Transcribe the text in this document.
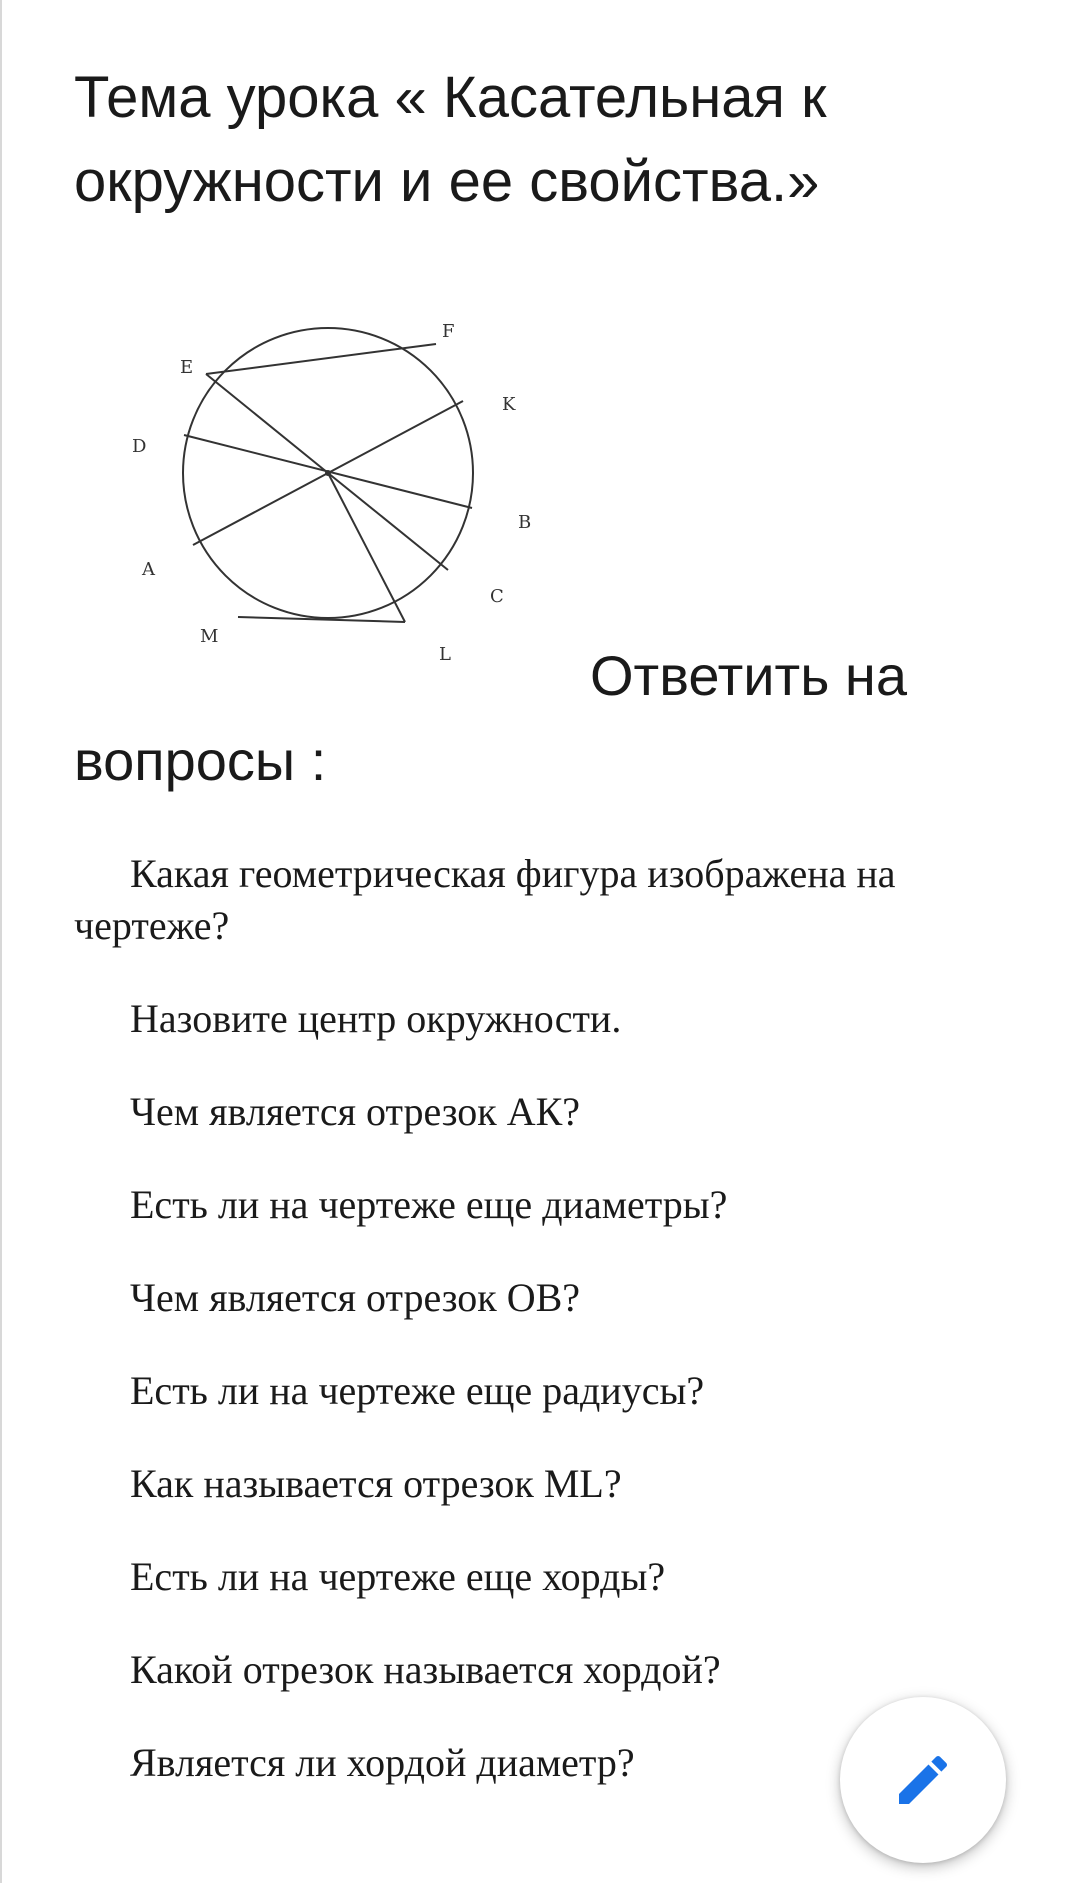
Тема урока « Касательная к окружности и ее свойства.»
F
E
K
D
B
A
C
M
L Ответить на
вопросы :
Какая геометрическая фигура изображена на чертеже?
Назовите центр окружности.
Чем является отрезок АК?
Есть ли на чертеже еще диаметры?
Чем является отрезок ОВ?
Есть ли на чертеже еще радиусы?
Как называется отрезок ML?
Есть ли на чертеже еще хорды?
Какой отрезок называется хордой?
Является ли хордой диаметр?
